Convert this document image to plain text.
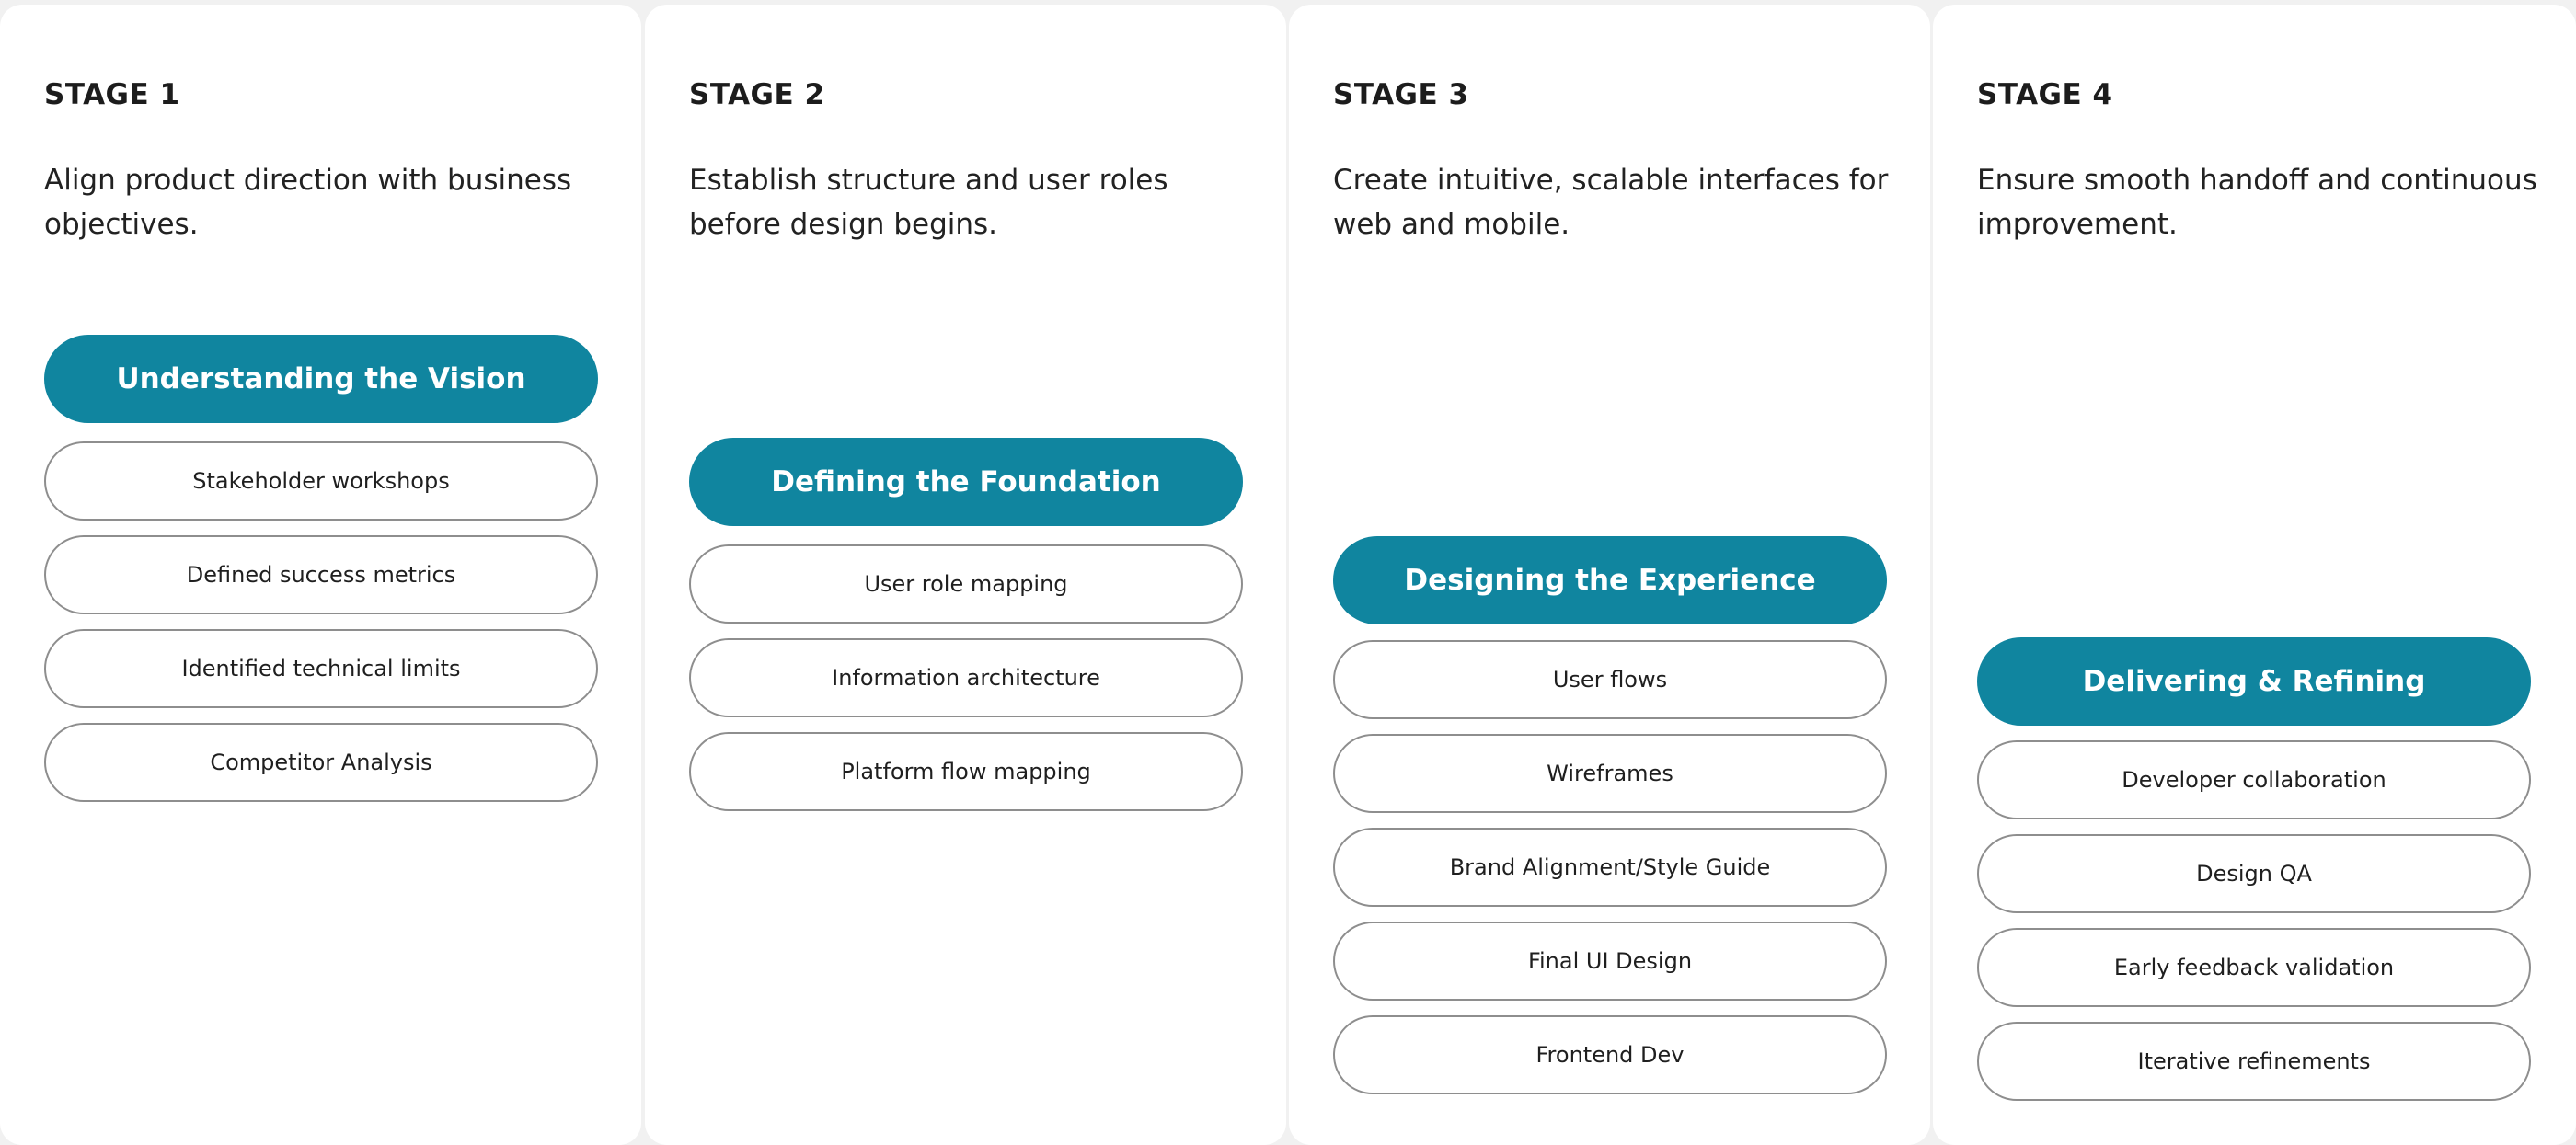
STAGE 1

Align product direction with business objectives.

Understanding the Vision
Stakeholder workshops
Defined success metrics
Identified technical limits
Competitor Analysis
STAGE 2

Establish structure and user roles before design begins.

Defining the Foundation
User role mapping
Information architecture
Platform flow mapping
STAGE 3

Create intuitive, scalable interfaces for web and mobile.

Designing the Experience
User flows
Wireframes
Brand Alignment/Style Guide
Final UI Design
Frontend Dev
STAGE 4

Ensure smooth handoff and continuous improvement.

Delivering & Refining
Developer collaboration
Design QA
Early feedback validation
Iterative refinements
